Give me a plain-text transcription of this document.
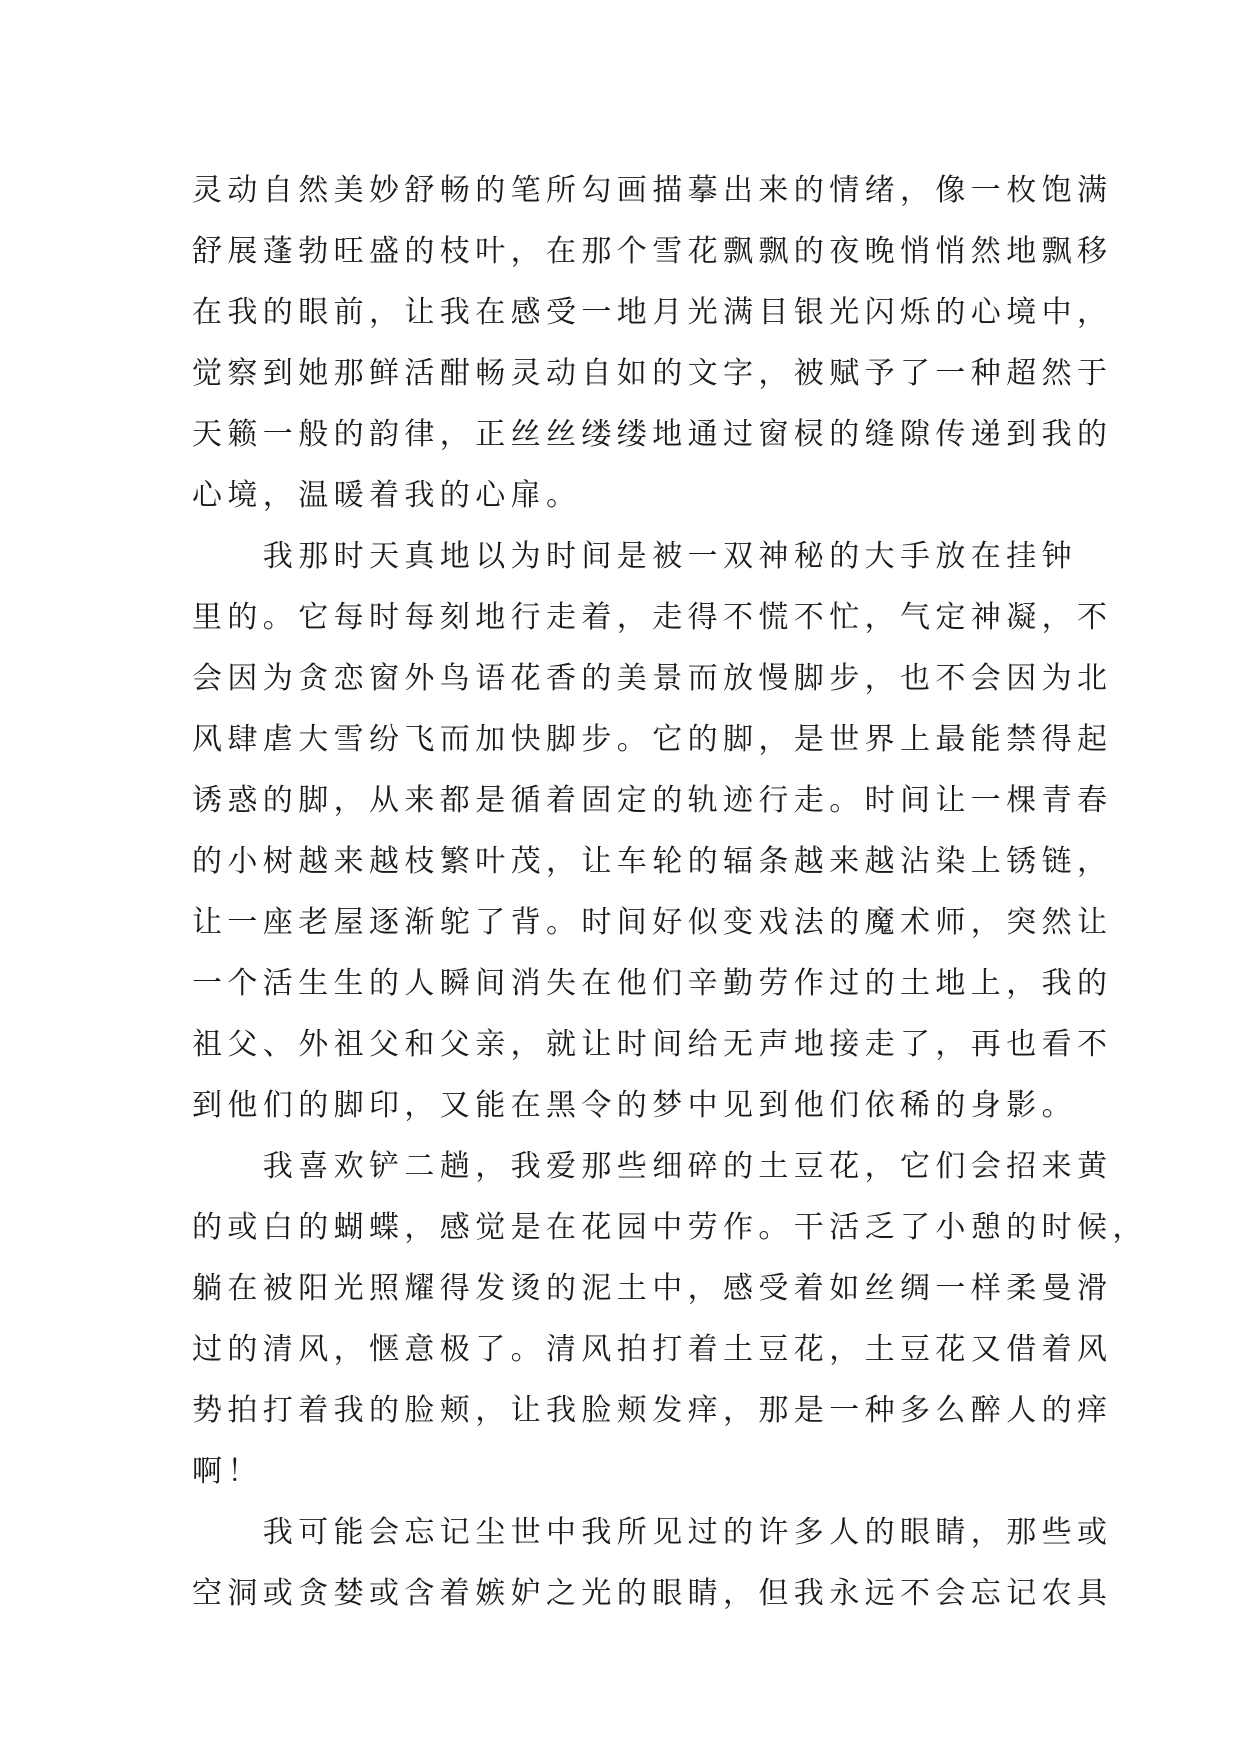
灵动自然美妙舒畅的笔所勾画描摹出来的情绪，像一枚饱满
舒展蓬勃旺盛的枝叶，在那个雪花飘飘的夜晚悄悄然地飘移
在我的眼前，让我在感受一地月光满目银光闪烁的心境中，
觉察到她那鲜活酣畅灵动自如的文字，被赋予了一种超然于
天籁一般的韵律，正丝丝缕缕地通过窗棂的缝隙传递到我的
心境，温暖着我的心扉。
　　我那时天真地以为时间是被一双神秘的大手放在挂钟
里的。它每时每刻地行走着，走得不慌不忙，气定神凝，不
会因为贪恋窗外鸟语花香的美景而放慢脚步，也不会因为北
风肆虐大雪纷飞而加快脚步。它的脚，是世界上最能禁得起
诱惑的脚，从来都是循着固定的轨迹行走。时间让一棵青春
的小树越来越枝繁叶茂，让车轮的辐条越来越沾染上锈链，
让一座老屋逐渐鸵了背。时间好似变戏法的魔术师，突然让
一个活生生的人瞬间消失在他们辛勤劳作过的土地上，我的
祖父、外祖父和父亲，就让时间给无声地接走了，再也看不
到他们的脚印，又能在黑令的梦中见到他们依稀的身影。
　　我喜欢铲二趟，我爱那些细碎的土豆花，它们会招来黄
的或白的蝴蝶，感觉是在花园中劳作。干活乏了小憩的时候，
躺在被阳光照耀得发烫的泥土中，感受着如丝绸一样柔曼滑
过的清风，惬意极了。清风拍打着土豆花，土豆花又借着风
势拍打着我的脸颊，让我脸颊发痒，那是一种多么醉人的痒
啊！
　　我可能会忘记尘世中我所见过的许多人的眼睛，那些或
空洞或贪婪或含着嫉妒之光的眼睛，但我永远不会忘记农具
